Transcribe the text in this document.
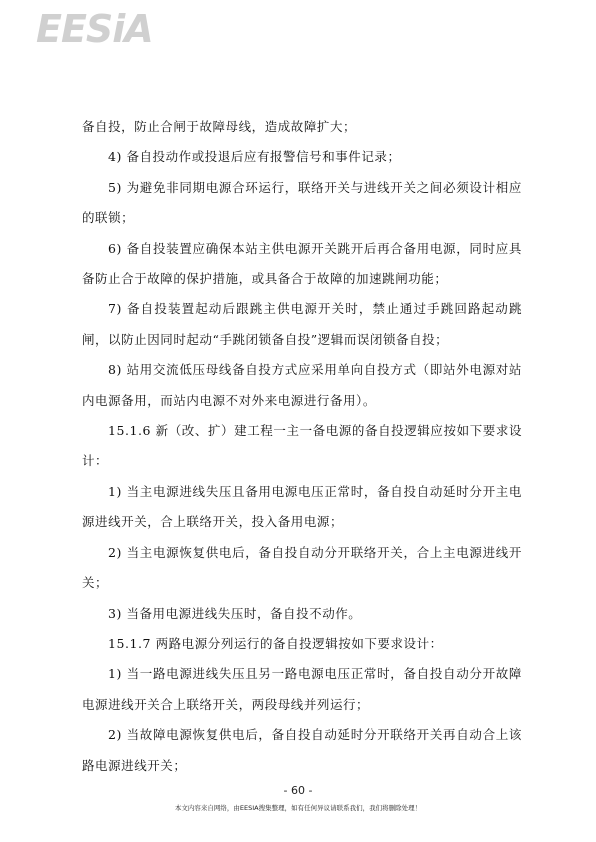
EESiA

备自投，防止合闸于故障母线，造成故障扩大；

4) 备自投动作或投退后应有报警信号和事件记录；

5) 为避免非同期电源合环运行，联络开关与进线开关之间必须设计相应的联锁；

6) 备自投装置应确保本站主供电源开关跳开后再合备用电源，同时应具备防止合于故障的保护措施，或具备合于故障的加速跳闸功能；

7) 备自投装置起动后跟跳主供电源开关时，禁止通过手跳回路起动跳闸，以防止因同时起动“手跳闭锁备自投”逻辑而误闭锁备自投；

8) 站用交流低压母线备自投方式应采用单向自投方式（即站外电源对站内电源备用，而站内电源不对外来电源进行备用）。

15.1.6 新（改、扩）建工程一主一备电源的备自投逻辑应按如下要求设计：

1) 当主电源进线失压且备用电源电压正常时，备自投自动延时分开主电源进线开关，合上联络开关，投入备用电源；

2) 当主电源恢复供电后，备自投自动分开联络开关，合上主电源进线开关；

3) 当备用电源进线失压时，备自投不动作。

15.1.7 两路电源分列运行的备自投逻辑按如下要求设计：

1) 当一路电源进线失压且另一路电源电压正常时，备自投自动分开故障电源进线开关合上联络开关，两段母线并列运行；

2) 当故障电源恢复供电后，备自投自动延时分开联络开关再自动合上该路电源进线开关；

- 60 -
本文内容来自网络，由EESIA搜集整理，如有任何异议请联系我们，我们将删除处理！
